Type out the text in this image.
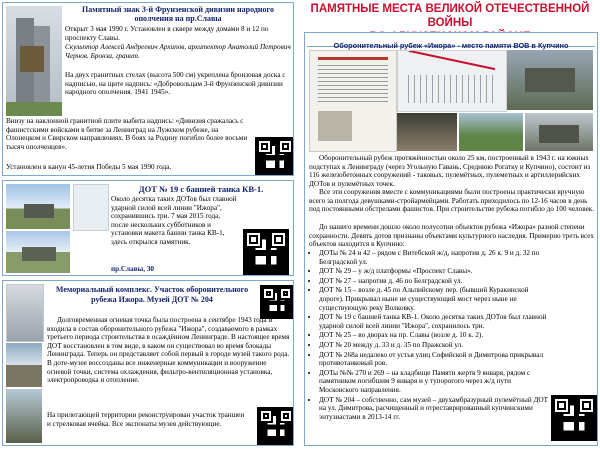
ПАМЯТНЫЕ МЕСТА ВЕЛИКОЙ ОТЕЧЕСТВЕННОЙ ВОЙНЫ
Памятный знак 3-й Фрунзенской дивизии народного ополчения на пр.Славы
Открыт 3 мая 1990 г. Установлен в сквере между домами 8 и 12 по проспекту Славы.
Скульптор Алексей Андреевич Архипов, архитектор Анатолий Петрович Чернов. Бронза, гранит.
На двух гранитных стелах (высота 500 см) укреплена бронзовая доска с надписью, на щите надпись: «Добровольцам 3-й Фрунзенской дивизии народного ополчения. 1941 1945».
Внизу на наклонной гранитной плите выбита надпись: «Дивизия сражалась с фашистскими войсками в битве за Ленинград на Лужском рубеже, на Олонецком и Свирском направлениях. В боях за Родину погибло более восьми тысяч ополченцев».
Установлен в канун 45-летия Победы 5 мая 1990 года.
ДОТ № 19 с башней танка КВ-1.
Около десятка таких ДОТов был главной ударной силой всей линии "Ижора", сохранившись три. 7 мая 2015 года, после нескольких субботников и установки макета башни танка КВ-1, здесь открылся памятник.
пр.Славы, 30
Мемориальный комплекс. Участок оборонительного рубежа Ижора. Музей ДОТ № 204
Долговременная огневая точка была построена в сентябре 1943 года и входила в состав оборонительного рубежа "Ижора", создаваемого в рамках третьего периода строительства в осаждённом Ленинграде. В настоящее время ДОТ восстановлен в том виде, в каком он существовал во время блокады Ленинграда. Теперь он представляет собой первый в городе музей такого рода. В доте-музее воссозданы все инженерные коммуникации и вооружение огневой точки, система охлаждения, фильтро-вентиляционная установка, электропроводка и отопление.
На прилегающей территории реконструирован участок траншеи и стрелковая ячейка. Все экспонаты музея действующие.
Оборонительный рубеж «Ижора» - место памяти ВОВ в Купчино

Оборонительный рубеж протяжённостью около 25 км, построенный в 1943 г. на южных подступах к Ленинграду (через Угольную Гавань, Среднюю Рогатку и Купчино), состоит из 116 железобетонных сооружений - таковых, пулемётных, пулеметных и артиллерийских ДОТов и пулемётных точек.

Все эти сооружения вместе с коммуникациями были построены практически вручную всего за полгода девушками-стройармейцами. Работать приходилось по 12-16 часов в день под постоянными обстрелами фашистов. При строительстве рубежа погибло до 100 человек.

До нашего времени дошло около полусотни объектов рубежа «Ижора» разной степени сохранности. Девять дотов признаны объектами культурного наследия. Примерно треть всех объектов находится в Купчино:

• ДОТы № 24 и 42 – рядом с Витебской ж/д, напротив д. 26 к. 9 и д. 32 по Белградской ул.
• ДОТ № 29 – у ж/д платформы «Проспект Славы».
• ДОТ № 27 – напротив д. 46 по Белградской ул.
• ДОТ № 15 – возле д. 45 по Альпийскому пер. (бывший Куракинской дороге). Прикрывал ныне не существующий мост через ныне не существующую реку Волковку.
• ДОТ № 19 с башней танка КВ-1. Около десятка таких ДОТов был главной ударной силой всей линии "Ижора", сохранилось три.
• ДОТ № 25 – во дворах на пр. Славы (возле д. 10 к. 2).
• ДОТ № 20 между д. 33 и д. 35 по Пражской ул.
• ДОТ № 268а недалеко от устья улиц Софийской и Димитрова прикрывал противотанковый ров.
• ДОТы №№ 270 и 269 – на кладбище Памяти жертв 9 января, рядом с памятником погибшим 9 января и у тупорогого через ж/д пути Московского направления.
• ДОТ № 204 – собственно, сам музей – двухамбразурный пулемётный ДОТ на ул. Димитрова, расчищенный и отреставрированный купчинскими энтузиастами в 2013-14 гг.
